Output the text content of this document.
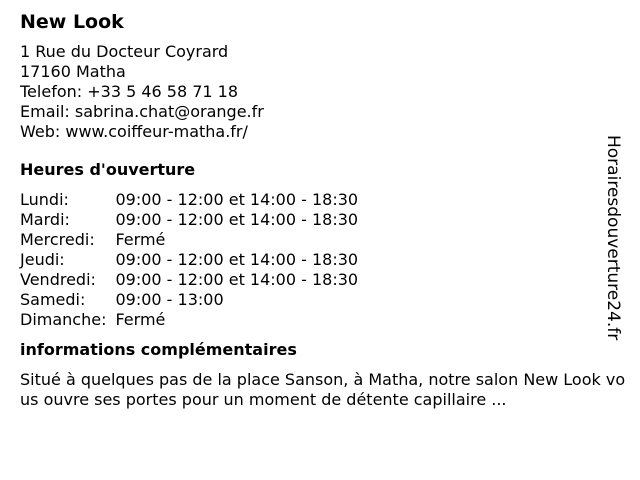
New Look
1 Rue du Docteur Coyrard
17160 Matha
Telefon: +33 5 46 58 71 18
Email: sabrina.chat@orange.fr
Web: www.coiffeur-matha.fr/
Heures d'ouverture
Lundi:	09:00 - 12:00 et 14:00 - 18:30
Mardi:	09:00 - 12:00 et 14:00 - 18:30
Mercredi:	Fermé
Jeudi:	09:00 - 12:00 et 14:00 - 18:30
Vendredi:	09:00 - 12:00 et 14:00 - 18:30
Samedi:	09:00 - 13:00
Dimanche:	Fermé
informations complémentaires
Situé à quelques pas de la place Sanson, à Matha, notre salon New Look vous ouvre ses portes pour un moment de détente capillaire ...
Horairesdouverture24.fr
